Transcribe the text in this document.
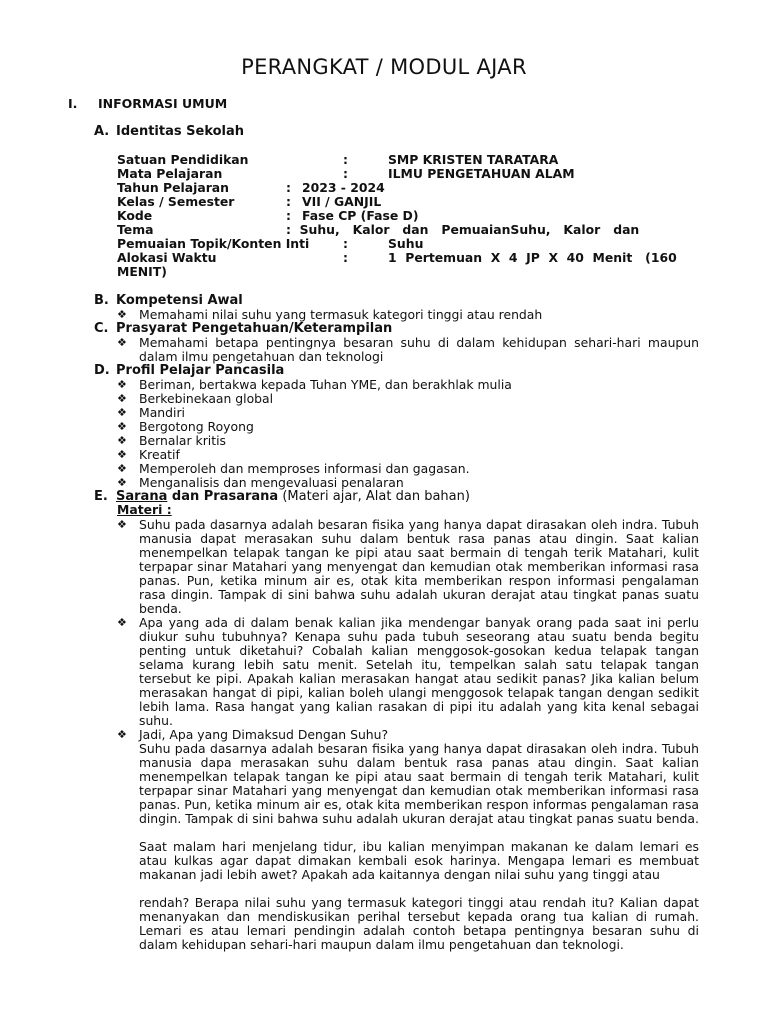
PERANGKAT / MODUL AJAR
I. INFORMASI UMUM
A. Identitas Sekolah
Satuan Pendidikan	:	SMP KRISTEN TARATARA
Mata Pelajaran	:	ILMU PENGETAHUAN ALAM
Tahun Pelajaran	: 2023 - 2024
Kelas / Semester	: VII / GANJIL
Kode	: Fase CP (Fase D)
Tema	:  Suhu,   Kalor   dan   PemuaianSuhu,   Kalor   dan
Pemuaian Topik/Konten Inti	:	Suhu
Alokasi Waktu	:	1  Pertemuan  X  4  JP  X  40  Menit   (160
MENIT)
B. Kompetensi Awal
❖ Memahami nilai suhu yang termasuk kategori tinggi atau rendah
C. Prasyarat Pengetahuan/Keterampilan
❖ Memahami betapa pentingnya besaran suhu di dalam kehidupan sehari-hari maupun dalam ilmu pengetahuan dan teknologi
D. Profil Pelajar Pancasila
❖ Beriman, bertakwa kepada Tuhan YME, dan berakhlak mulia
❖ Berkebinekaan global
❖ Mandiri
❖ Bergotong Royong
❖ Bernalar kritis
❖ Kreatif
❖ Memperoleh dan memproses informasi dan gagasan.
❖ Menganalisis dan mengevaluasi penalaran
E. Sarana dan Prasarana (Materi ajar, Alat dan bahan)
Materi :
❖ Suhu pada dasarnya adalah besaran fisika yang hanya dapat dirasakan oleh indra. Tubuh manusia dapat merasakan suhu dalam bentuk rasa panas atau dingin. Saat kalian menempelkan telapak tangan ke pipi atau saat bermain di tengah terik Matahari, kulit terpapar sinar Matahari yang menyengat dan kemudian otak memberikan informasi rasa panas. Pun, ketika minum air es, otak kita memberikan respon informasi pengalaman rasa dingin. Tampak di sini bahwa suhu adalah ukuran derajat atau tingkat panas suatu benda.
❖ Apa yang ada di dalam benak kalian jika mendengar banyak orang pada saat ini perlu diukur suhu tubuhnya? Kenapa suhu pada tubuh seseorang atau suatu benda begitu penting untuk diketahui? Cobalah kalian menggosok-gosokan kedua telapak tangan selama kurang lebih satu menit. Setelah itu, tempelkan salah satu telapak tangan tersebut ke pipi. Apakah kalian merasakan hangat atau sedikit panas? Jika kalian belum merasakan hangat di pipi, kalian boleh ulangi menggosok telapak tangan dengan sedikit lebih lama. Rasa hangat yang kalian rasakan di pipi itu adalah yang kita kenal sebagai suhu.
❖ Jadi, Apa yang Dimaksud Dengan Suhu?
Suhu pada dasarnya adalah besaran fisika yang hanya dapat dirasakan oleh indra. Tubuh manusia dapa merasakan suhu dalam bentuk rasa panas atau dingin. Saat kalian menempelkan telapak tangan ke pipi atau saat bermain di tengah terik Matahari, kulit terpapar sinar Matahari yang menyengat dan kemudian otak memberikan informasi rasa panas. Pun, ketika minum air es, otak kita memberikan respon informas pengalaman rasa dingin. Tampak di sini bahwa suhu adalah ukuran derajat atau tingkat panas suatu benda.
Saat malam hari menjelang tidur, ibu kalian menyimpan makanan ke dalam lemari es atau kulkas agar dapat dimakan kembali esok harinya. Mengapa lemari es membuat makanan jadi lebih awet? Apakah ada kaitannya dengan nilai suhu yang tinggi atau
rendah? Berapa nilai suhu yang termasuk kategori tinggi atau rendah itu? Kalian dapat menanyakan dan mendiskusikan perihal tersebut kepada orang tua kalian di rumah. Lemari es atau lemari pendingin adalah contoh betapa pentingnya besaran suhu di dalam kehidupan sehari-hari maupun dalam ilmu pengetahuan dan teknologi.
